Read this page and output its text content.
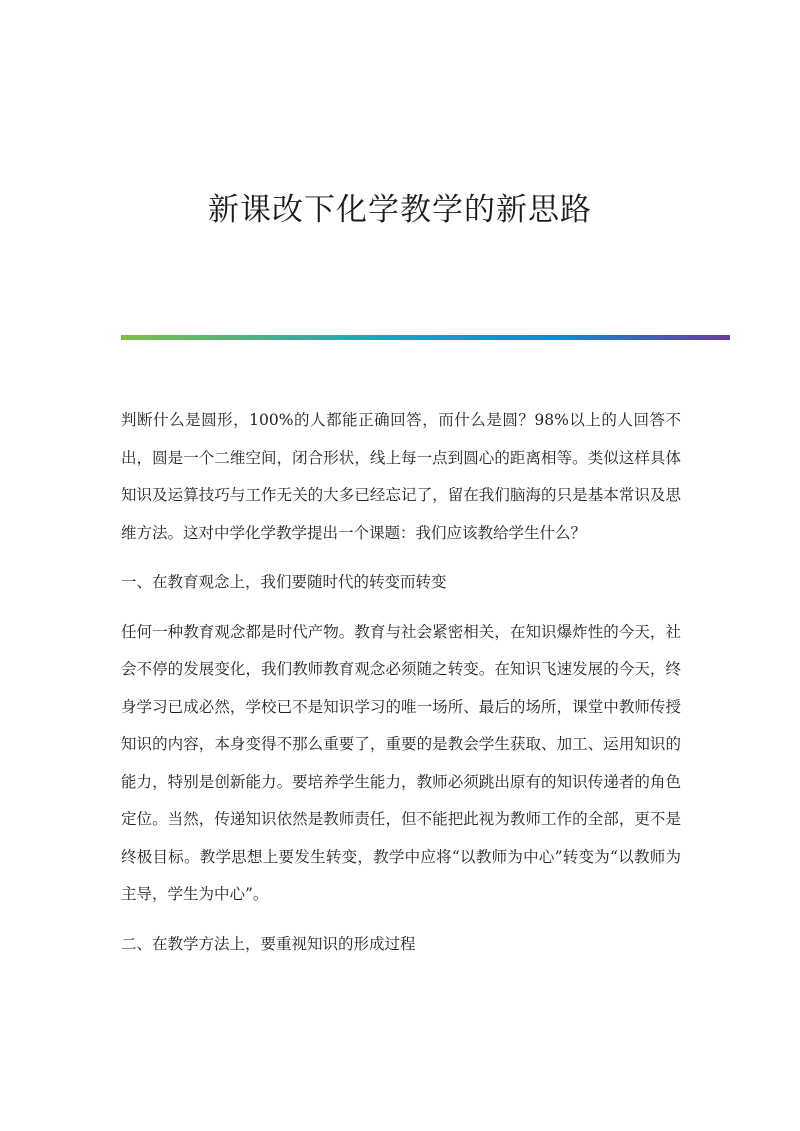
新课改下化学教学的新思路

判断什么是圆形，100%的人都能正确回答，而什么是圆？98%以上的人回答不出，圆是一个二维空间，闭合形状，线上每一点到圆心的距离相等。类似这样具体知识及运算技巧与工作无关的大多已经忘记了，留在我们脑海的只是基本常识及思维方法。这对中学化学教学提出一个课题：我们应该教给学生什么？

一、在教育观念上，我们要随时代的转变而转变

任何一种教育观念都是时代产物。教育与社会紧密相关，在知识爆炸性的今天，社会不停的发展变化，我们教师教育观念必须随之转变。在知识飞速发展的今天，终身学习已成必然，学校已不是知识学习的唯一场所、最后的场所，课堂中教师传授知识的内容，本身变得不那么重要了，重要的是教会学生获取、加工、运用知识的能力，特别是创新能力。要培养学生能力，教师必须跳出原有的知识传递者的角色定位。当然，传递知识依然是教师责任，但不能把此视为教师工作的全部，更不是终极目标。教学思想上要发生转变，教学中应将“以教师为中心”转变为“以教师为主导，学生为中心”。

二、在教学方法上，要重视知识的形成过程
